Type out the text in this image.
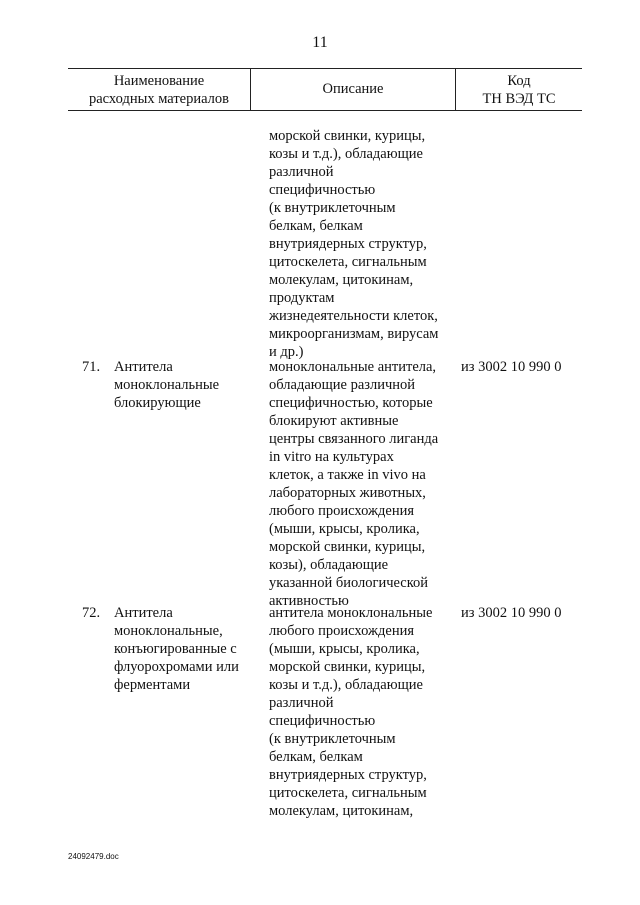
11
Наименование
расходных материалов
Описание
Код
ТН ВЭД ТС
морской свинки, курицы,
козы и т.д.), обладающие
различной
специфичностью
(к внутриклеточным
белкам, белкам
внутриядерных структур,
цитоскелета, сигнальным
молекулам, цитокинам,
продуктам
жизнедеятельности клеток,
микроорганизмам, вирусам
и др.)
71. Антитела
моноклональные
блокирующие
моноклональные антитела,
обладающие различной
специфичностью, которые
блокируют активные
центры связанного лиганда
in vitro на культурах
клеток, а также in vivo на
лабораторных животных,
любого происхождения
(мыши, крысы, кролика,
морской свинки, курицы,
козы), обладающие
указанной биологической
активностью
из 3002 10 990 0
72. Антитела
моноклональные,
конъюгированные с
флуорохромами или
ферментами
антитела моноклональные
любого происхождения
(мыши, крысы, кролика,
морской свинки, курицы,
козы и т.д.), обладающие
различной
специфичностью
(к внутриклеточным
белкам, белкам
внутриядерных структур,
цитоскелета, сигнальным
молекулам, цитокинам,
из 3002 10 990 0
24092479.doc
